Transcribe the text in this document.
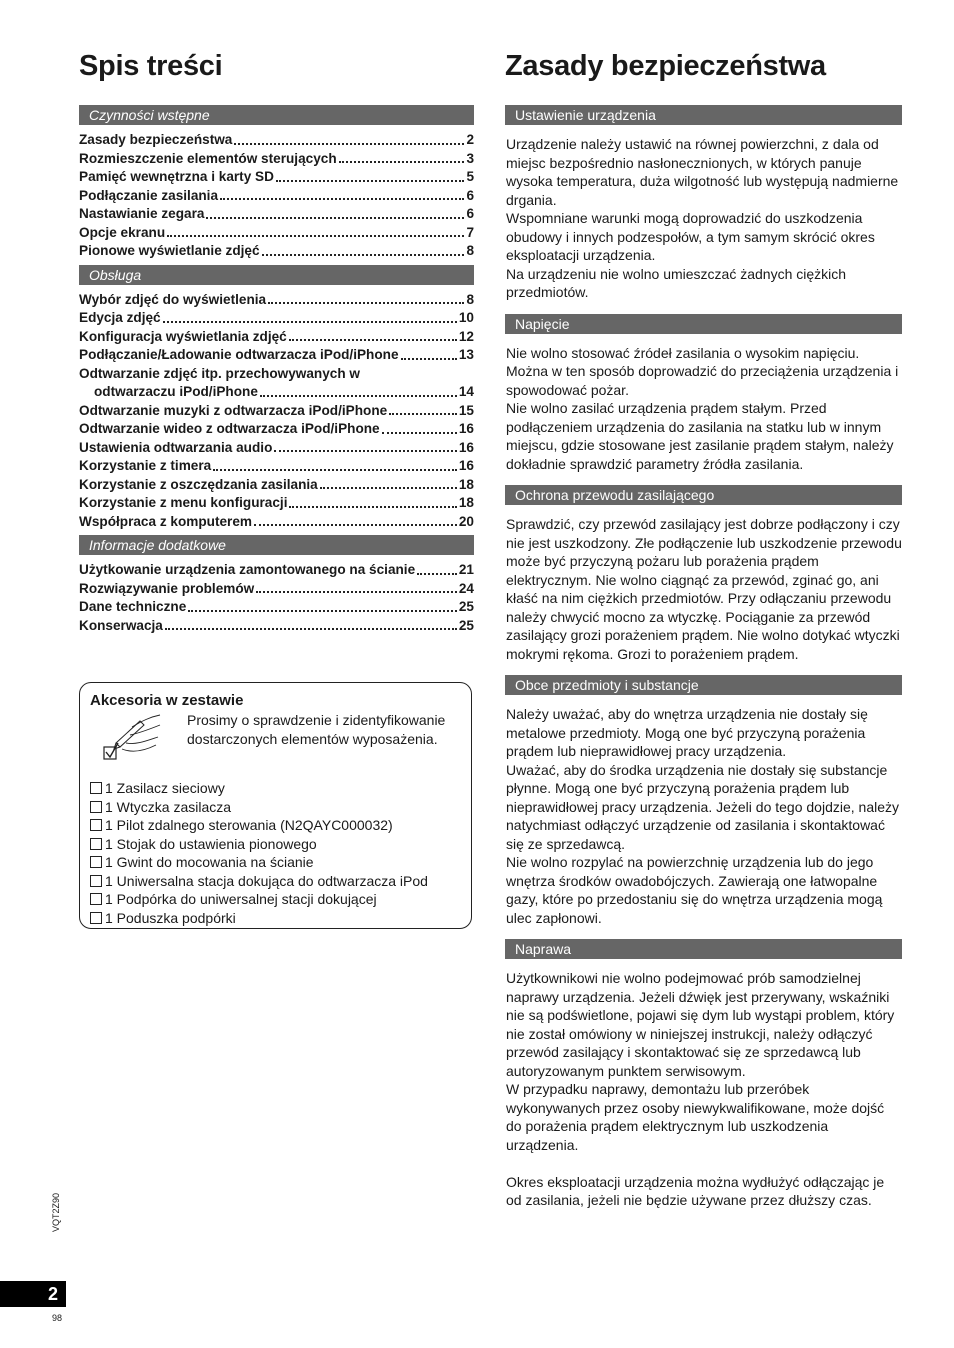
Spis treści	Zasady bezpieczeństwa
Czynności wstępne
Zasady bezpieczeństwa	2
Rozmieszczenie elementów sterujących	3
Pamięć wewnętrzna i karty SD	5
Podłączanie zasilania	6
Nastawianie zegara	6
Opcje ekranu	7
Pionowe wyświetlanie zdjęć	8
Obsługa
Wybór zdjęć do wyświetlenia	8
Edycja zdjęć	10
Konfiguracja wyświetlania zdjęć	12
Podłączanie/Ładowanie odtwarzacza iPod/iPhone	13
Odtwarzanie zdjęć itp. przechowywanych w
odtwarzaczu iPod/iPhone	14
Odtwarzanie muzyki z odtwarzacza iPod/iPhone	15
Odtwarzanie wideo z odtwarzacza iPod/iPhone	16
Ustawienia odtwarzania audio	16
Korzystanie z timera	16
Korzystanie z oszczędzania zasilania	18
Korzystanie z menu konfiguracji	18
Współpraca z komputerem	20
Informacje dodatkowe
Użytkowanie urządzenia zamontowanego na ścianie	21
Rozwiązywanie problemów	24
Dane techniczne	25
Konserwacja	25
Akcesoria w zestawie

Prosimy o sprawdzenie i zidentyfikowanie dostarczonych elementów wyposażenia.

1 Zasilacz sieciowy
1 Wtyczka zasilacza
1 Pilot zdalnego sterowania (N2QAYC000032)
1 Stojak do ustawienia pionowego
1 Gwint do mocowania na ścianie
1 Uniwersalna stacja dokująca do odtwarzacza iPod
1 Podpórka do uniwersalnej stacji dokującej
1 Poduszka podpórki
Ustawienie urządzenia

Urządzenie należy ustawić na równej powierzchni, z dala od miejsc bezpośrednio nasłonecznionych, w których panuje wysoka temperatura, duża wilgotność lub występują nadmierne drgania.

Wspomniane warunki mogą doprowadzić do uszkodzenia obudowy i innych podzespołów, a tym samym skrócić okres eksploatacji urządzenia.

Na urządzeniu nie wolno umieszczać żadnych ciężkich przedmiotów.

Napięcie

Nie wolno stosować źródeł zasilania o wysokim napięciu. Można w ten sposób doprowadzić do przeciążenia urządzenia i spowodować pożar.

Nie wolno zasilać urządzenia prądem stałym. Przed podłączeniem urządzenia do zasilania na statku lub w innym miejscu, gdzie stosowane jest zasilanie prądem stałym, należy dokładnie sprawdzić parametry źródła zasilania.

Ochrona przewodu zasilającego

Sprawdzić, czy przewód zasilający jest dobrze podłączony i czy nie jest uszkodzony. Złe podłączenie lub uszkodzenie przewodu może być przyczyną pożaru lub porażenia prądem elektrycznym. Nie wolno ciągnąć za przewód, zginać go, ani kłaść na nim ciężkich przedmiotów. Przy odłączaniu przewodu należy chwycić mocno za wtyczkę. Pociąganie za przewód zasilający grozi porażeniem prądem. Nie wolno dotykać wtyczki mokrymi rękoma. Grozi to porażeniem prądem.

Obce przedmioty i substancje

Należy uważać, aby do wnętrza urządzenia nie dostały się metalowe przedmioty. Mogą one być przyczyną porażenia prądem lub nieprawidłowej pracy urządzenia.

Uważać, aby do środka urządzenia nie dostały się substancje płynne. Mogą one być przyczyną porażenia prądem lub nieprawidłowej pracy urządzenia. Jeżeli do tego dojdzie, należy natychmiast odłączyć urządzenie od zasilania i skontaktować się ze sprzedawcą.

Nie wolno rozpylać na powierzchnię urządzenia lub do jego wnętrza środków owadobójczych. Zawierają one łatwopalne gazy, które po przedostaniu się do wnętrza urządzenia mogą ulec zapłonowi.

Naprawa

Użytkownikowi nie wolno podejmować prób samodzielnej naprawy urządzenia. Jeżeli dźwięk jest przerywany, wskaźniki nie są podświetlone, pojawi się dym lub wystąpi problem, który nie został omówiony w niniejszej instrukcji, należy odłączyć przewód zasilający i skontaktować się ze sprzedawcą lub autoryzowanym punktem serwisowym.

W przypadku naprawy, demontażu lub przeróbek wykonywanych przez osoby niewykwalifikowane, może dojść do porażenia prądem elektrycznym lub uszkodzenia urządzenia.

Okres eksploatacji urządzenia można wydłużyć odłączając je od zasilania, jeżeli nie będzie używane przez dłuższy czas.

VQT2Z90
2
98
